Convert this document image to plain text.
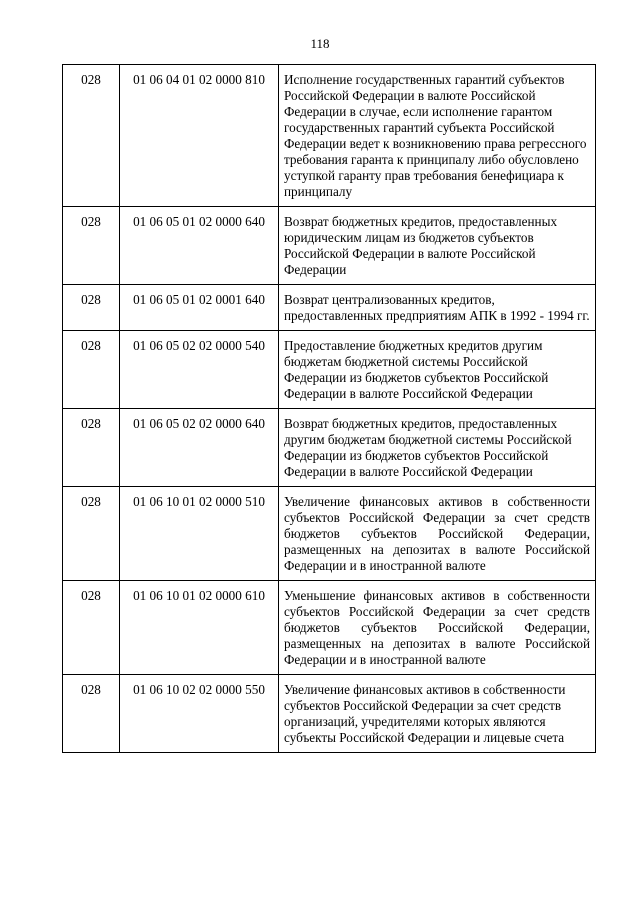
118
028	01 06 04 01 02 0000 810	Исполнение государственных гарантий субъектов Российской Федерации в валюте Российской Федерации в случае, если исполнение гарантом государственных гарантий субъекта Российской Федерации ведет к возникновению права регрессного требования гаранта к принципалу либо обусловлено уступкой гаранту прав требования бенефициара к принципалу
028	01 06 05 01 02 0000 640	Возврат бюджетных кредитов, предоставленных юридическим лицам из бюджетов субъектов Российской Федерации в валюте Российской Федерации
028	01 06 05 01 02 0001 640	Возврат централизованных кредитов, предоставленных предприятиям АПК в 1992 - 1994 гг.
028	01 06 05 02 02 0000 540	Предоставление бюджетных кредитов другим бюджетам бюджетной системы Российской Федерации из бюджетов субъектов Российской Федерации в валюте Российской Федерации
028	01 06 05 02 02 0000 640	Возврат бюджетных кредитов, предоставленных другим бюджетам бюджетной системы Российской Федерации из бюджетов субъектов Российской Федерации в валюте Российской Федерации
028	01 06 10 01 02 0000 510	Увеличение финансовых активов в собственности субъектов Российской Федерации за счет средств бюджетов субъектов Российской Федерации, размещенных на депозитах в валюте Российской Федерации и в иностранной валюте
028	01 06 10 01 02 0000 610	Уменьшение финансовых активов в собственности субъектов Российской Федерации за счет средств бюджетов субъектов Российской Федерации, размещенных на депозитах в валюте Российской Федерации и в иностранной валюте
028	01 06 10 02 02 0000 550	Увеличение финансовых активов в собственности субъектов Российской Федерации за счет средств организаций, учредителями которых являются субъекты Российской Федерации и лицевые счета
